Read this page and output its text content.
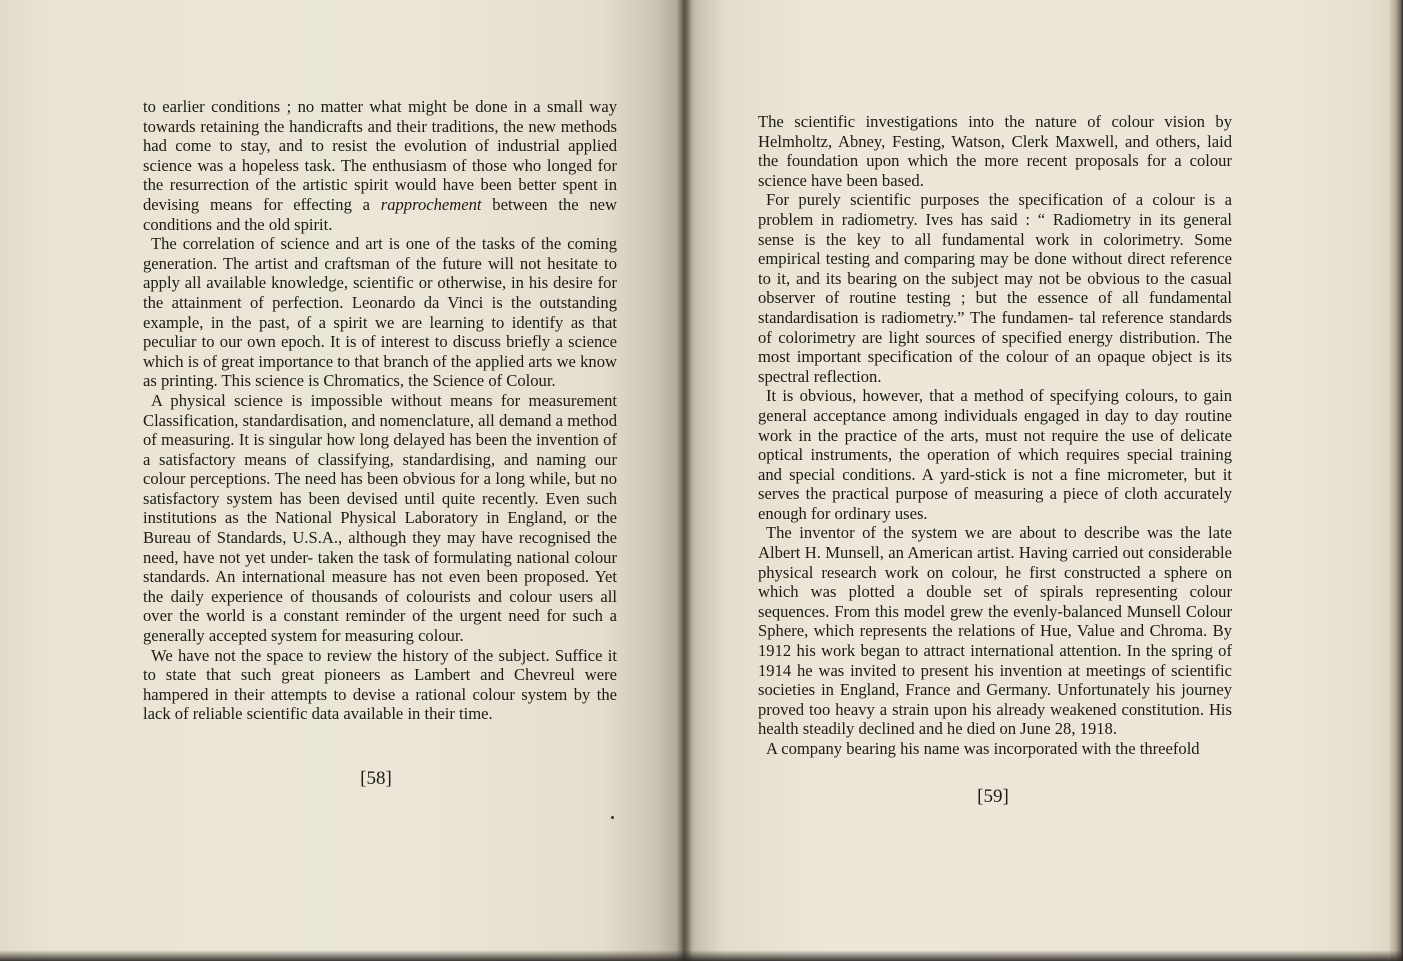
to earlier conditions ; no matter what might be done in a small way towards retaining the handicrafts and their traditions, the new methods had come to stay, and to resist the evolution of industrial applied science was a hopeless task. The enthusiasm of those who longed for the resurrection of the artistic spirit would have been better spent in devising means for effecting a rapprochement between the new conditions and the old spirit.

The correlation of science and art is one of the tasks of the coming generation. The artist and craftsman of the future will not hesitate to apply all available knowledge, scientific or otherwise, in his desire for the attainment of perfection. Leonardo da Vinci is the outstanding example, in the past, of a spirit we are learning to identify as that peculiar to our own epoch. It is of interest to discuss briefly a science which is of great importance to that branch of the applied arts we know as printing. This science is Chromatics, the Science of Colour.

A physical science is impossible without means for measurement Classification, standardisation, and nomenclature, all demand a method of measuring. It is singular how long delayed has been the invention of a satisfactory means of classifying, standardising, and naming our colour perceptions. The need has been obvious for a long while, but no satisfactory system has been devised until quite recently. Even such institutions as the National Physical Laboratory in England, or the Bureau of Standards, U.S.A., although they may have recognised the need, have not yet under- taken the task of formulating national colour standards. An international measure has not even been proposed. Yet the daily experience of thousands of colourists and colour users all over the world is a constant reminder of the urgent need for such a generally accepted system for measuring colour.

We have not the space to review the history of the subject. Suffice it to state that such great pioneers as Lambert and Chevreul were hampered in their attempts to devise a rational colour system by the lack of reliable scientific data available in their time.

[58]

The scientific investigations into the nature of colour vision by Helmholtz, Abney, Festing, Watson, Clerk Maxwell, and others, laid the foundation upon which the more recent proposals for a colour science have been based.

For purely scientific purposes the specification of a colour is a problem in radiometry. Ives has said : “ Radiometry in its general sense is the key to all fundamental work in colorimetry. Some empirical testing and comparing may be done without direct reference to it, and its bearing on the subject may not be obvious to the casual observer of routine testing ; but the essence of all fundamental standardisation is radiometry.” The fundamen- tal reference standards of colorimetry are light sources of specified energy distribution. The most important specification of the colour of an opaque object is its spectral reflection.

It is obvious, however, that a method of specifying colours, to gain general acceptance among individuals engaged in day to day routine work in the practice of the arts, must not require the use of delicate optical instruments, the operation of which requires special training and special conditions. A yard-stick is not a fine micrometer, but it serves the practical purpose of measuring a piece of cloth accurately enough for ordinary uses.

The inventor of the system we are about to describe was the late Albert H. Munsell, an American artist. Having carried out considerable physical research work on colour, he first constructed a sphere on which was plotted a double set of spirals representing colour sequences. From this model grew the evenly-balanced Munsell Colour Sphere, which represents the relations of Hue, Value and Chroma. By 1912 his work began to attract international attention. In the spring of 1914 he was invited to present his invention at meetings of scientific societies in England, France and Germany. Unfortunately his journey proved too heavy a strain upon his already weakened constitution. His health steadily declined and he died on June 28, 1918.

A company bearing his name was incorporated with the threefold

[59]
